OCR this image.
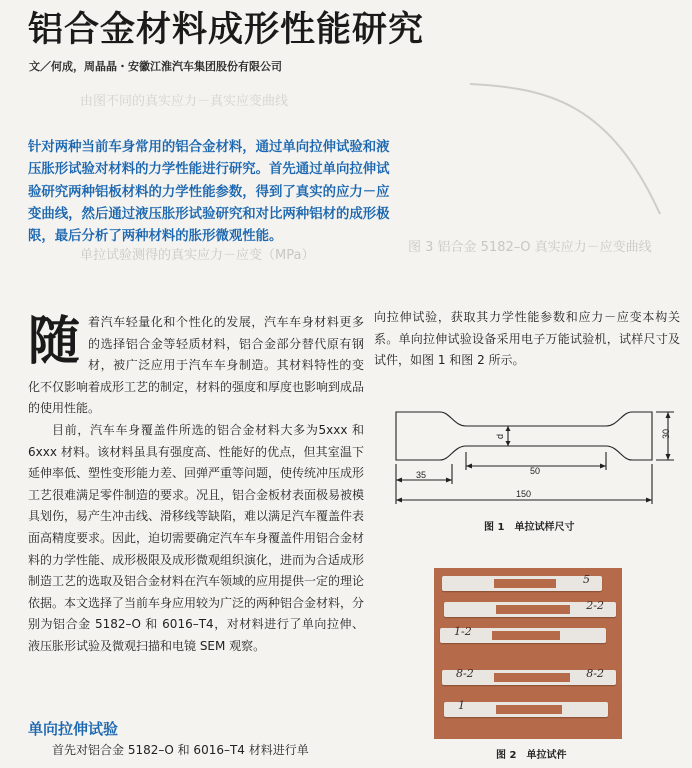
图 3 铝合金 5182–O 真实应力－应变曲线
单拉试验测得的真实应力－应变（MPa）
由图不同的真实应力－真实应变曲线
铝合金材料成形性能研究
文／何成，周晶晶・安徽江淮汽车集团股份有限公司

针对两种当前车身常用的铝合金材料，通过单向拉伸试验和液压胀形试验对材料的力学性能进行研究。首先通过单向拉伸试验研究两种铝板材料的力学性能参数，得到了真实的应力－应变曲线，然后通过液压胀形试验研究和对比两种铝材的成形极限，最后分析了两种材料的胀形微观性能。

随着汽车轻量化和个性化的发展，汽车车身材料更多的选择铝合金等轻质材料，铝合金部分替代原有钢材，被广泛应用于汽车车身制造。其材料特性的变化不仅影响着成形工艺的制定，材料的强度和厚度也影响到成品的使用性能。

目前，汽车车身覆盖件所选的铝合金材料大多为5xxx 和 6xxx 材料。该材料虽具有强度高、性能好的优点，但其室温下延伸率低、塑性变形能力差、回弹严重等问题，使传统冲压成形工艺很难满足零件制造的要求。况且，铝合金板材表面极易被模具划伤，易产生冲击线、滑移线等缺陷，难以满足汽车覆盖件表面高精度要求。因此，迫切需要确定汽车车身覆盖件用铝合金材料的力学性能、成形极限及成形微观组织演化，进而为合适成形制造工艺的选取及铝合金材料在汽车领域的应用提供一定的理论依据。本文选择了当前车身应用较为广泛的两种铝合金材料，分别为铝合金 5182–O 和 6016–T4，对材料进行了单向拉伸、液压胀形试验及微观扫描和电镜 SEM 观察。

单向拉伸试验

首先对铝合金 5182–O 和 6016–T4 材料进行单

向拉伸试验，获取其力学性能参数和应力－应变本构关系。单向拉伸试验设备采用电子万能试验机，试样尺寸及试件，如图 1 和图 2 所示。

35	50
150
30
d
图 1　单拉试样尺寸
5
2-2
1-2
8-2	8-2
1
图 2　单拉试件
